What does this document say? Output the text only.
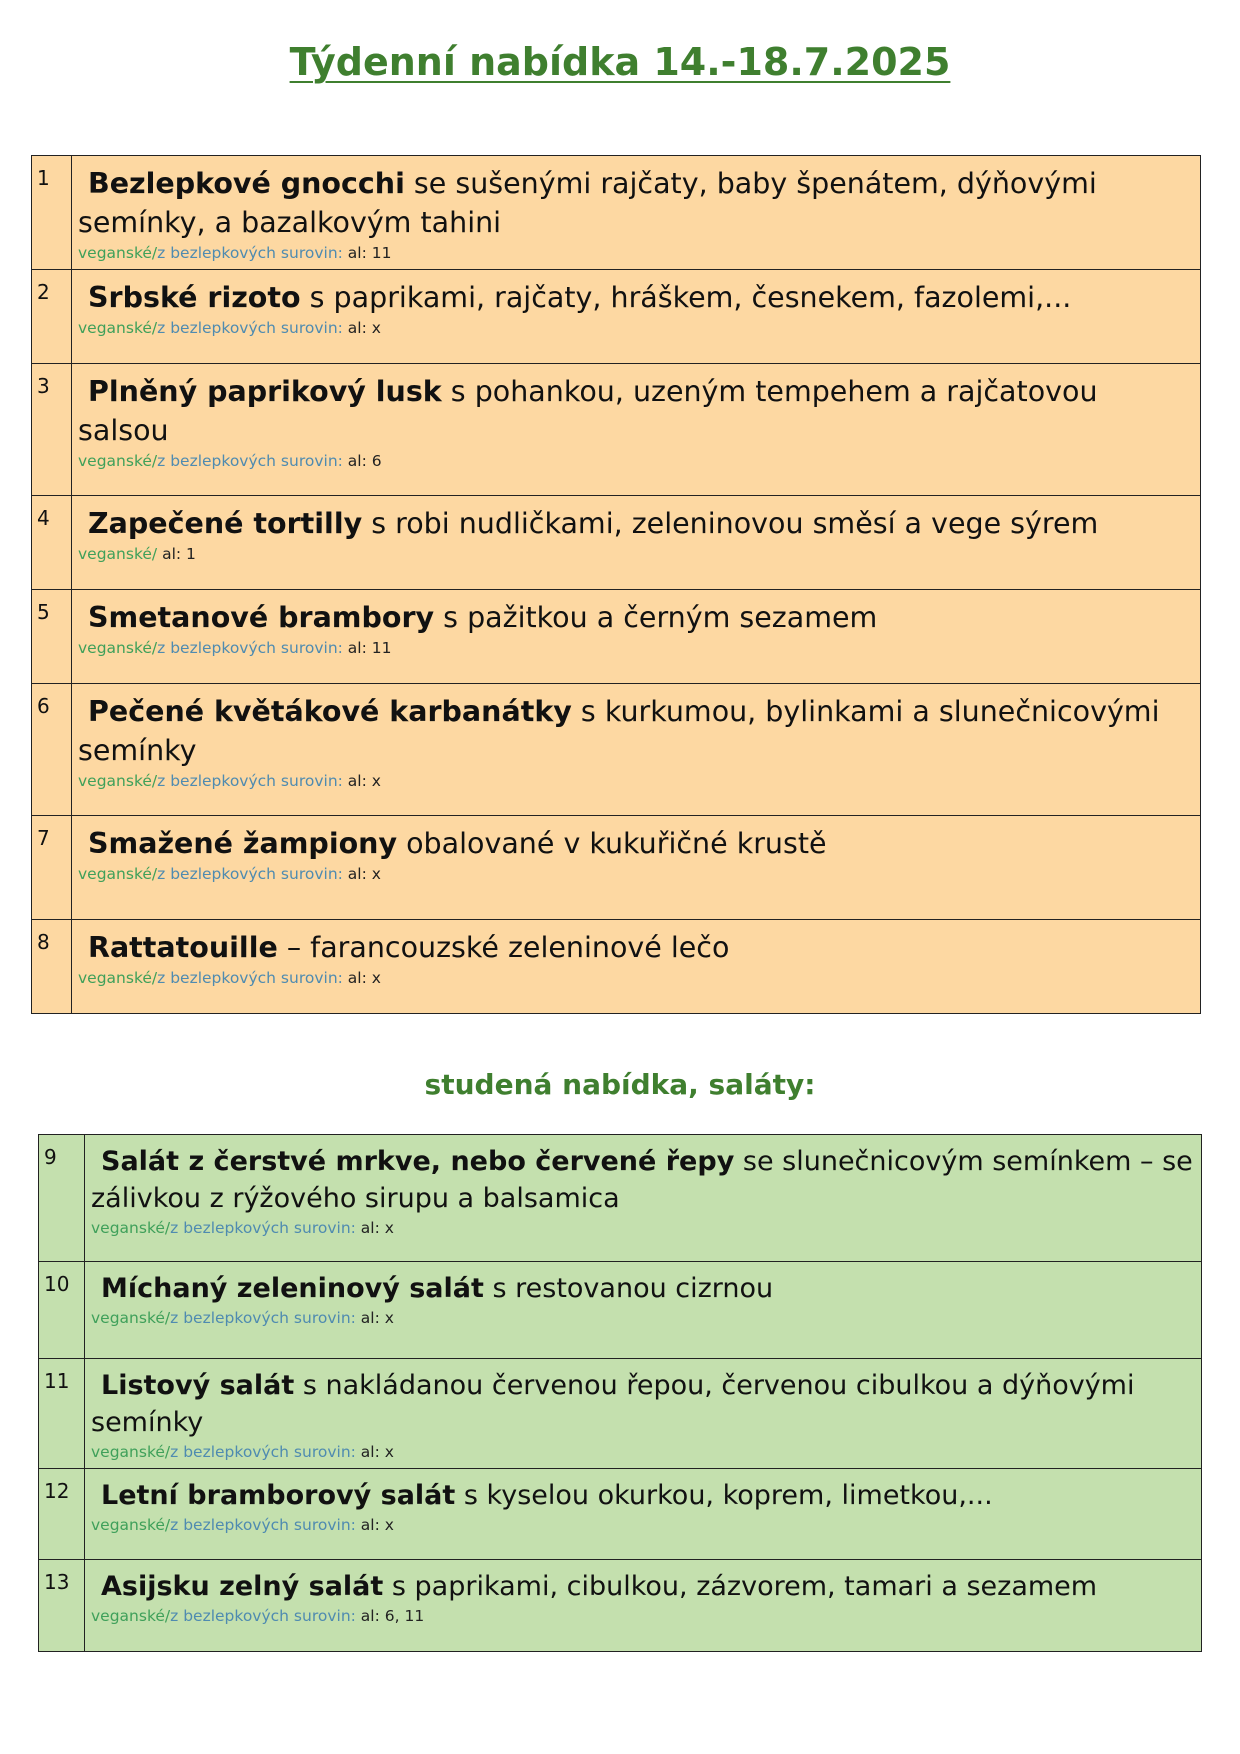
Týdenní nabídka 14.-18.7.2025
1	Bezlepkové gnocchi se sušenými rajčaty, baby špenátem, dýňovými semínky, a bazalkovým tahini
veganské/z bezlepkových surovin: al: 11

2	Srbské rizoto s paprikami, rajčaty, hráškem, česnekem, fazolemi,...
veganské/z bezlepkových surovin: al: x

3	Plněný paprikový lusk s pohankou, uzeným tempehem a rajčatovou salsou
veganské/z bezlepkových surovin: al: 6

4	Zapečené tortilly s robi nudličkami, zeleninovou směsí a vege sýrem
veganské/ al: 1

5	Smetanové brambory s pažitkou a černým sezamem
veganské/z bezlepkových surovin: al: 11

6	Pečené květákové karbanátky s kurkumou, bylinkami a slunečnicovými semínky
veganské/z bezlepkových surovin: al: x

7	Smažené žampiony obalované v kukuřičné krustě
veganské/z bezlepkových surovin: al: x

8	Rattatouille – farancouzské zeleninové lečo
veganské/z bezlepkových surovin: al: x
studená nabídka, saláty:
9	Salát z čerstvé mrkve, nebo červené řepy se slunečnicovým semínkem – se zálivkou z rýžového sirupu a balsamica
veganské/z bezlepkových surovin: al: x

10	Míchaný zeleninový salát s restovanou cizrnou
veganské/z bezlepkových surovin: al: x

11	Listový salát s nakládanou červenou řepou, červenou cibulkou a dýňovými semínky
veganské/z bezlepkových surovin: al: x

12	Letní bramborový salát s kyselou okurkou, koprem, limetkou,...
veganské/z bezlepkových surovin: al: x

13	Asijsku zelný salát s paprikami, cibulkou, zázvorem, tamari a sezamem
veganské/z bezlepkových surovin: al: 6, 11
